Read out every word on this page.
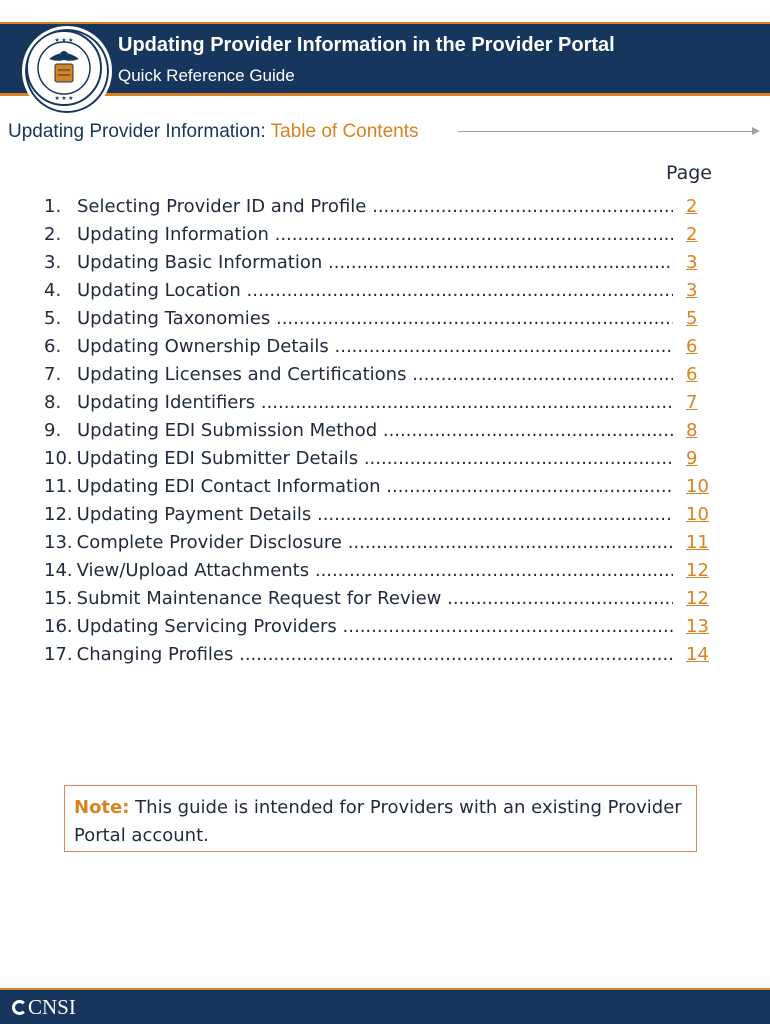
★ ★ ★
★ ★ ★
Updating Provider Information in the Provider Portal
Quick Reference Guide
Updating Provider Information: Table of Contents
Page
1. Selecting Provider ID and Profile .....	2
2. Updating Information .....	2
3. Updating Basic Information .....	3
4. Updating Location .....	3
5. Updating Taxonomies .....	5
6. Updating Ownership Details .....	6
7. Updating Licenses and Certifications .....	6
8. Updating Identifiers .....	7
9. Updating EDI Submission Method .....	8
10. Updating EDI Submitter Details .....	9
11. Updating EDI Contact Information .....	10
12. Updating Payment Details .....	10
13. Complete Provider Disclosure .....	11
14. View/Upload Attachments .....	12
15. Submit Maintenance Request for Review .....	12
16. Updating Servicing Providers .....	13
17. Changing Profiles .....	14
Note: This guide is intended for Providers with an existing Provider Portal account.
CNSI
